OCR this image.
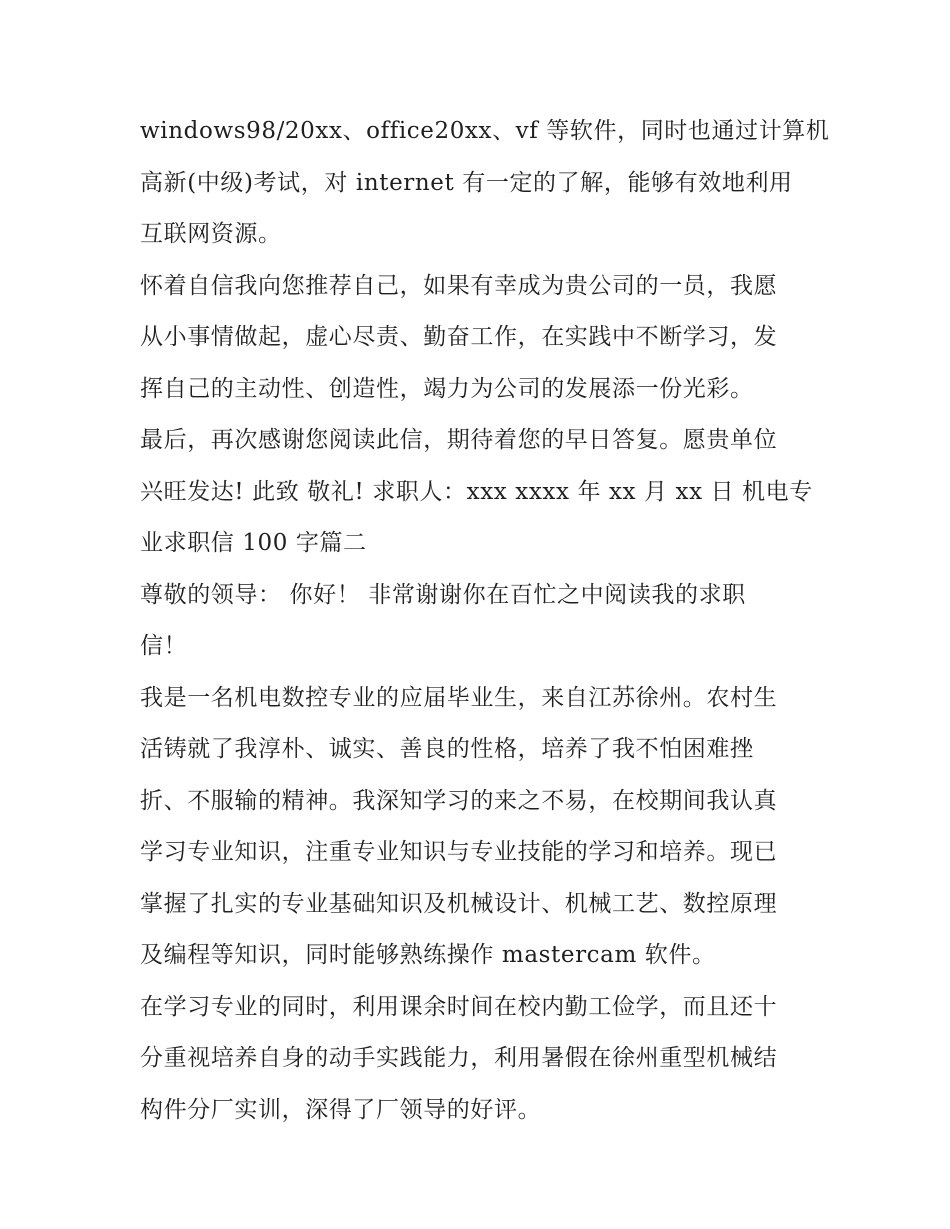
windows98/20xx、office20xx、vf 等软件，同时也通过计算机
高新(中级)考试，对 internet 有一定的了解，能够有效地利用
互联网资源。
怀着自信我向您推荐自己，如果有幸成为贵公司的一员，我愿
从小事情做起，虚心尽责、勤奋工作，在实践中不断学习，发
挥自己的主动性、创造性，竭力为公司的发展添一份光彩。
最后，再次感谢您阅读此信，期待着您的早日答复。愿贵单位
兴旺发达! 此致 敬礼! 求职人：xxx xxxx 年 xx 月 xx 日 机电专
业求职信 100 字篇二
尊敬的领导： 你好！ 非常谢谢你在百忙之中阅读我的求职
信！
我是一名机电数控专业的应届毕业生，来自江苏徐州。农村生
活铸就了我淳朴、诚实、善良的性格，培养了我不怕困难挫
折、不服输的精神。我深知学习的来之不易，在校期间我认真
学习专业知识，注重专业知识与专业技能的学习和培养。现已
掌握了扎实的专业基础知识及机械设计、机械工艺、数控原理
及编程等知识，同时能够熟练操作 mastercam 软件。
在学习专业的同时，利用课余时间在校内勤工俭学，而且还十
分重视培养自身的动手实践能力，利用暑假在徐州重型机械结
构件分厂实训，深得了厂领导的好评。
